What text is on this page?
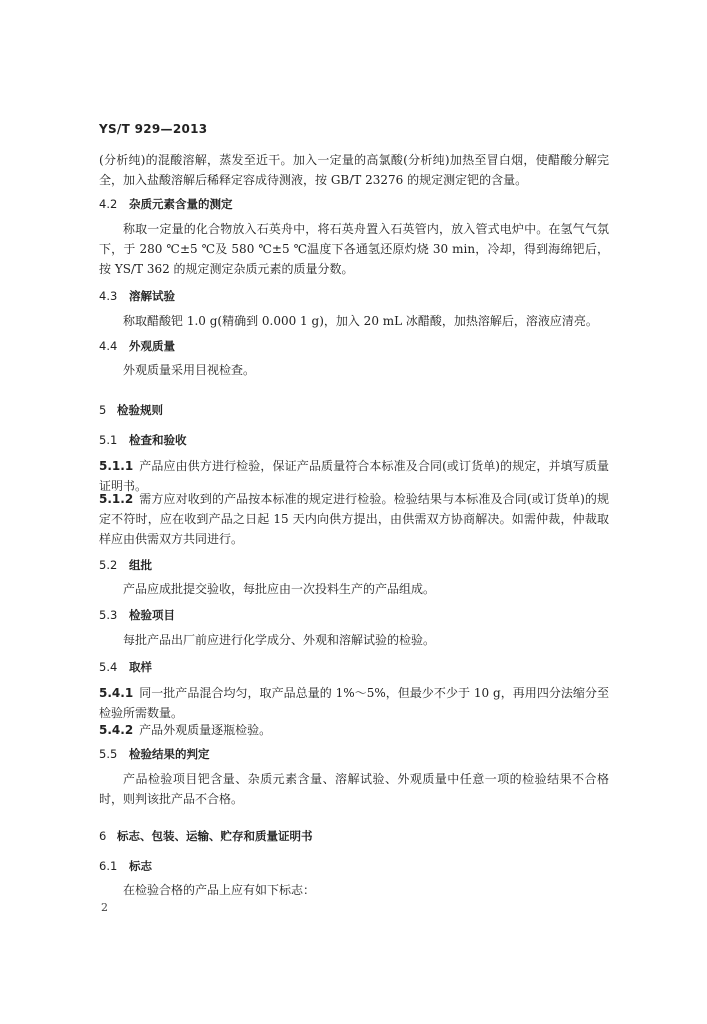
YS/T 929—2013
(分析纯)的混酸溶解，蒸发至近干。加入一定量的高氯酸(分析纯)加热至冒白烟，使醋酸分解完全，加入盐酸溶解后稀释定容成待测液，按 GB/T 23276 的规定测定钯的含量。
4.2 杂质元素含量的测定
称取一定量的化合物放入石英舟中，将石英舟置入石英管内，放入管式电炉中。在氢气气氛下，于 280 ℃±5 ℃及 580 ℃±5 ℃温度下各通氢还原灼烧 30 min，冷却，得到海绵钯后，按 YS/T 362 的规定测定杂质元素的质量分数。
4.3 溶解试验
称取醋酸钯 1.0 g(精确到 0.000 1 g)，加入 20 mL 冰醋酸，加热溶解后，溶液应清亮。
4.4 外观质量
外观质量采用目视检查。
5 检验规则
5.1 检查和验收
5.1.1 产品应由供方进行检验，保证产品质量符合本标准及合同(或订货单)的规定，并填写质量证明书。
5.1.2 需方应对收到的产品按本标准的规定进行检验。检验结果与本标准及合同(或订货单)的规定不符时，应在收到产品之日起 15 天内向供方提出，由供需双方协商解决。如需仲裁，仲裁取样应由供需双方共同进行。
5.2 组批
产品应成批提交验收，每批应由一次投料生产的产品组成。
5.3 检验项目
每批产品出厂前应进行化学成分、外观和溶解试验的检验。
5.4 取样
5.4.1 同一批产品混合均匀，取产品总量的 1%～5%，但最少不少于 10 g，再用四分法缩分至检验所需数量。
5.4.2 产品外观质量逐瓶检验。
5.5 检验结果的判定
产品检验项目钯含量、杂质元素含量、溶解试验、外观质量中任意一项的检验结果不合格时，则判该批产品不合格。
6 标志、包装、运输、贮存和质量证明书
6.1 标志
在检验合格的产品上应有如下标志：
2
